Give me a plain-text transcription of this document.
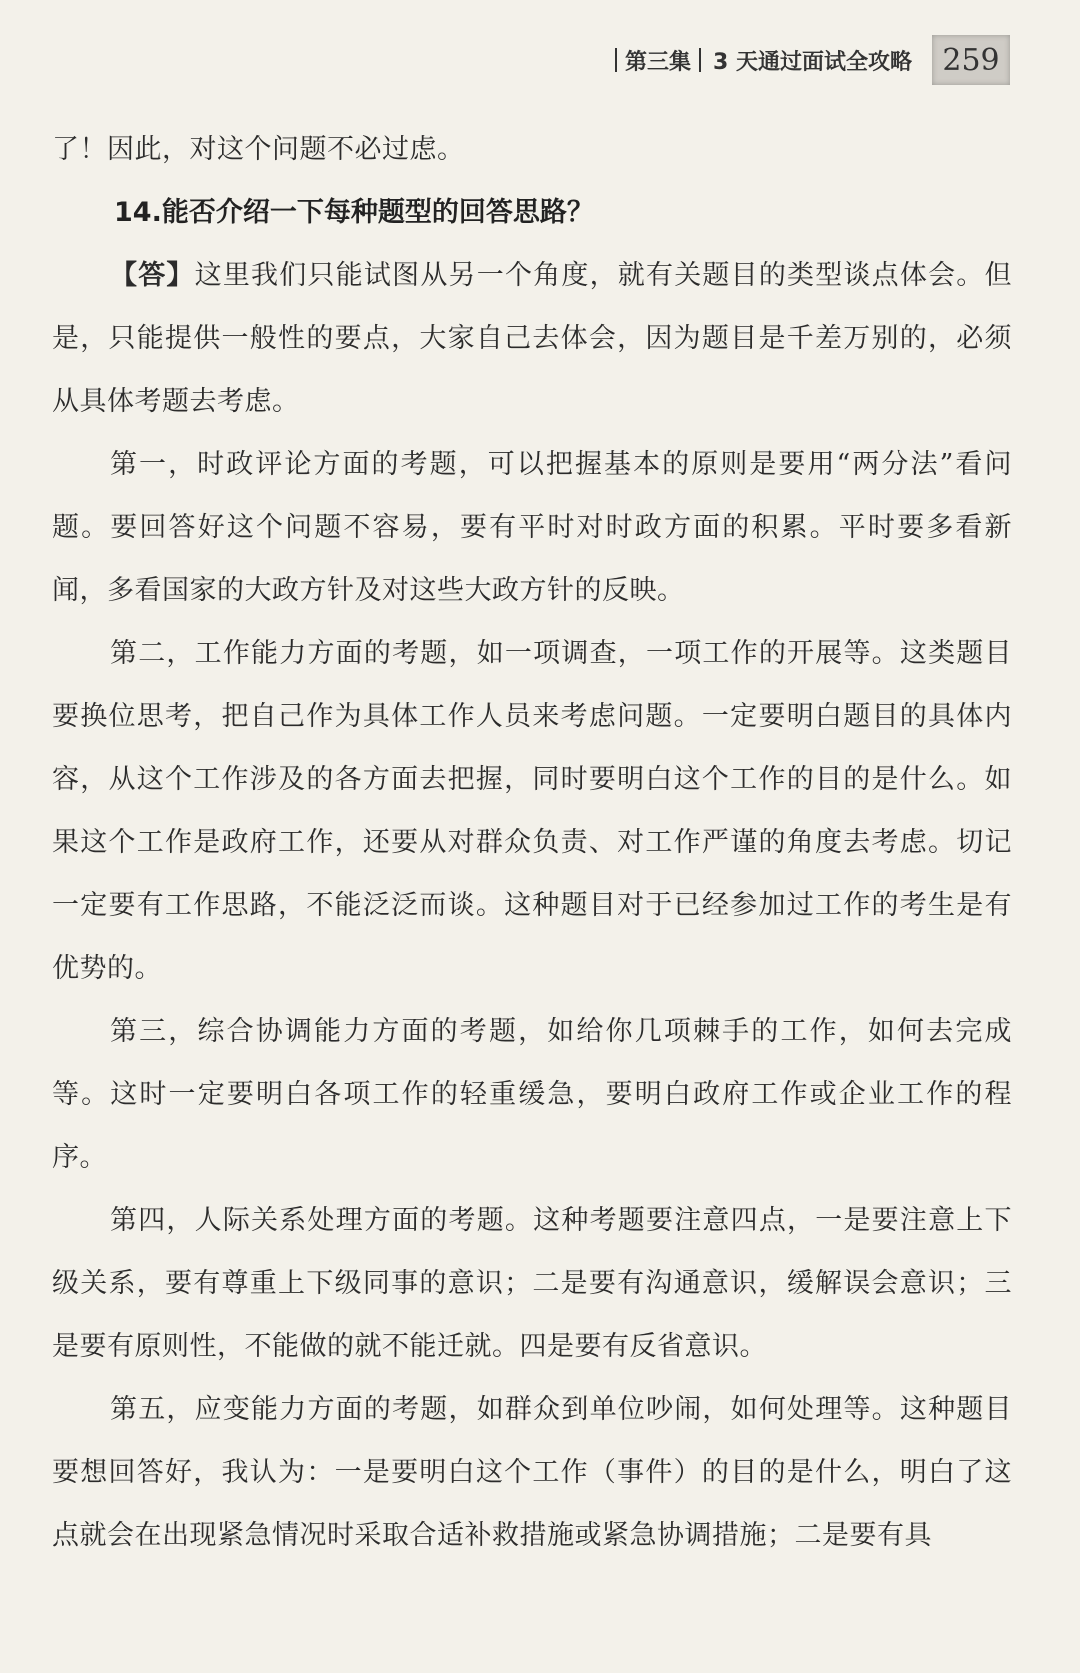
第三集 3 天通过面试全攻略	259

了！因此，对这个问题不必过虑。

14.能否介绍一下每种题型的回答思路？

【答】这里我们只能试图从另一个角度，就有关题目的类型谈点体会。但是，只能提供一般性的要点，大家自己去体会，因为题目是千差万别的，必须从具体考题去考虑。

第一，时政评论方面的考题，可以把握基本的原则是要用“两分法”看问题。要回答好这个问题不容易，要有平时对时政方面的积累。平时要多看新闻，多看国家的大政方针及对这些大政方针的反映。

第二，工作能力方面的考题，如一项调查，一项工作的开展等。这类题目要换位思考，把自己作为具体工作人员来考虑问题。一定要明白题目的具体内容，从这个工作涉及的各方面去把握，同时要明白这个工作的目的是什么。如果这个工作是政府工作，还要从对群众负责、对工作严谨的角度去考虑。切记一定要有工作思路，不能泛泛而谈。这种题目对于已经参加过工作的考生是有优势的。

第三，综合协调能力方面的考题，如给你几项棘手的工作，如何去完成等。这时一定要明白各项工作的轻重缓急，要明白政府工作或企业工作的程序。

第四，人际关系处理方面的考题。这种考题要注意四点，一是要注意上下级关系，要有尊重上下级同事的意识；二是要有沟通意识，缓解误会意识；三是要有原则性，不能做的就不能迁就。四是要有反省意识。

第五，应变能力方面的考题，如群众到单位吵闹，如何处理等。这种题目要想回答好，我认为：一是要明白这个工作（事件）的目的是什么，明白了这点就会在出现紧急情况时采取合适补救措施或紧急协调措施；二是要有具
